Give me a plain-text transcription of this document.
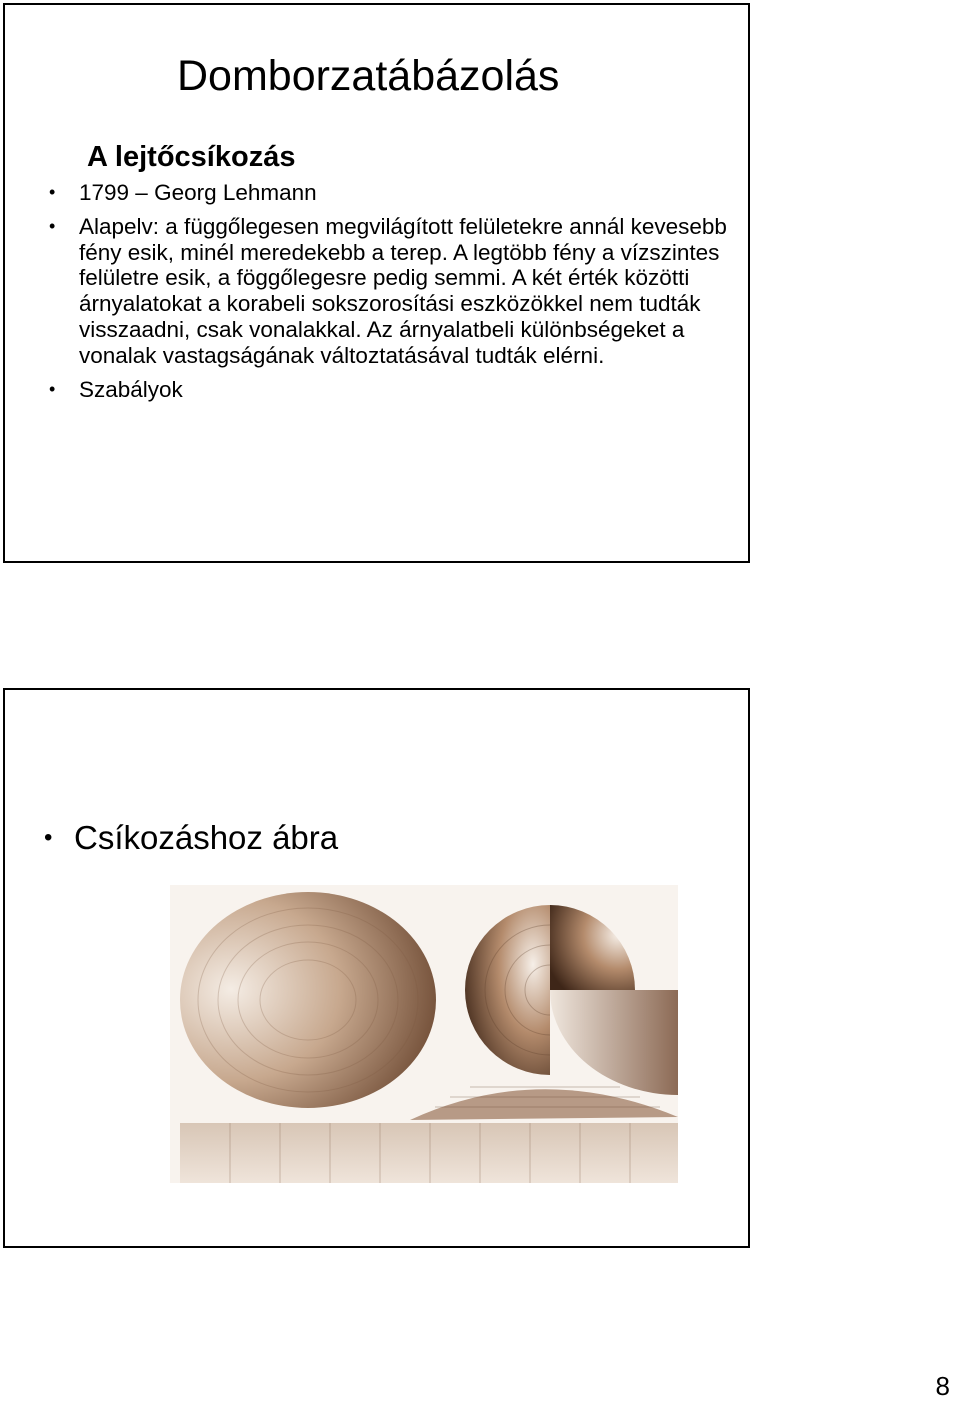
Domborzatábázolás
A lejtőcsíkozás
•	1799 – Georg Lehmann
•	Alapelv: a függőlegesen megvilágított felületekre annál kevesebb fény esik, minél meredekebb a terep. A legtöbb fény a vízszintes felületre esik, a föggőlegesre pedig semmi. A két érték közötti árnyalatokat a korabeli sokszorosítási eszközökkel nem tudták visszaadni, csak vonalakkal. Az árnyalatbeli különbségeket a vonalak vastagságának változtatásával tudták elérni.
•	Szabályok
• Csíkozáshoz ábra
8
